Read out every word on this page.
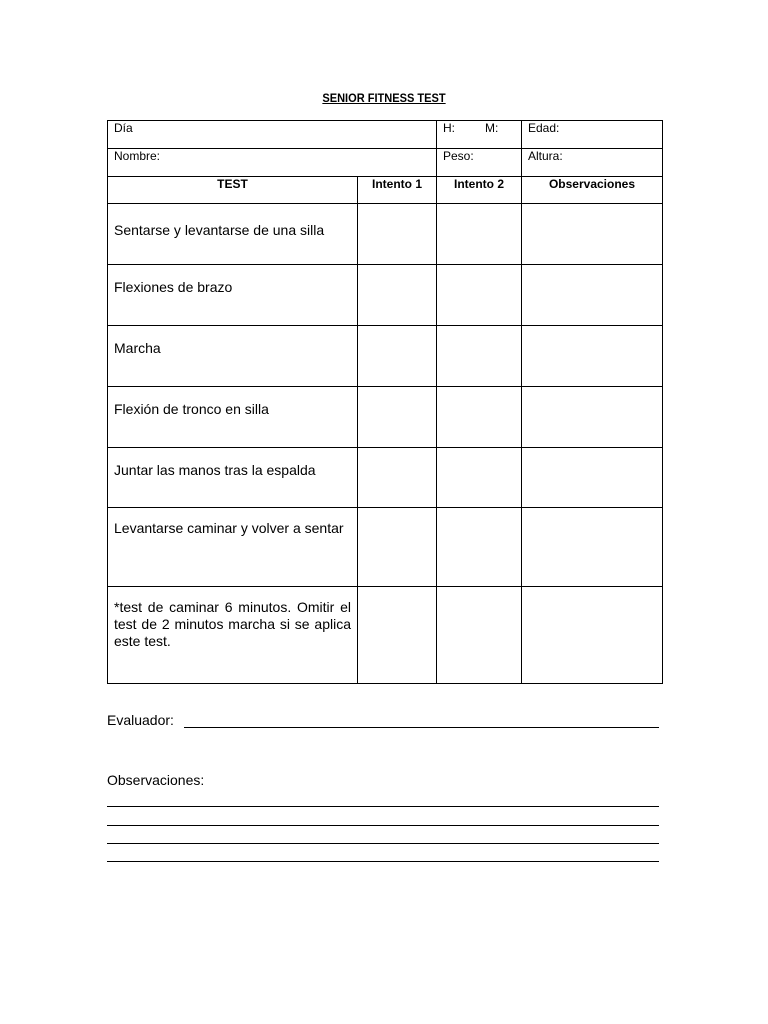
SENIOR FITNESS TEST
Día		H: M:	Edad:
Nombre:		Peso:	Altura:
TEST	Intento 1	Intento 2	Observaciones

Sentarse y levantarse de una silla			

Flexiones de brazo			

Marcha			

Flexión de tronco en silla			

Juntar las manos tras la espalda			

Levantarse caminar y volver a sentar			

*test de caminar 6 minutos. Omitir el test de 2 minutos marcha si se aplica este test.			

Evaluador:
Observaciones:
